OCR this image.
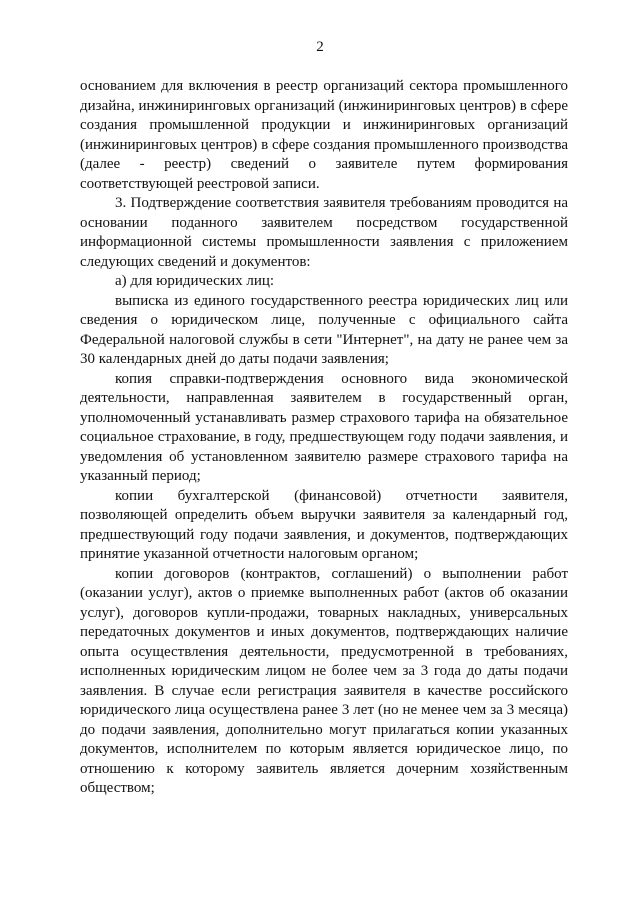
2

основанием для включения в реестр организаций сектора промышленного дизайна, инжиниринговых организаций (инжиниринговых центров) в сфере создания промышленной продукции и инжиниринговых организаций (инжиниринговых центров) в сфере создания промышленного производства (далее - реестр) сведений о заявителе путем формирования соответствующей реестровой записи.

3. Подтверждение соответствия заявителя требованиям проводится на основании поданного заявителем посредством государственной информационной системы промышленности заявления с приложением следующих сведений и документов:

а) для юридических лиц:

выписка из единого государственного реестра юридических лиц или сведения о юридическом лице, полученные с официального сайта Федеральной налоговой службы в сети "Интернет", на дату не ранее чем за 30 календарных дней до даты подачи заявления;

копия справки-подтверждения основного вида экономической деятельности, направленная заявителем в государственный орган, уполномоченный устанавливать размер страхового тарифа на обязательное социальное страхование, в году, предшествующем году подачи заявления, и уведомления об установленном заявителю размере страхового тарифа на указанный период;

копии бухгалтерской (финансовой) отчетности заявителя, позволяющей определить объем выручки заявителя за календарный год, предшествующий году подачи заявления, и документов, подтверждающих принятие указанной отчетности налоговым органом;

копии договоров (контрактов, соглашений) о выполнении работ (оказании услуг), актов о приемке выполненных работ (актов об оказании услуг), договоров купли-продажи, товарных накладных, универсальных передаточных документов и иных документов, подтверждающих наличие опыта осуществления деятельности, предусмотренной в требованиях, исполненных юридическим лицом не более чем за 3 года до даты подачи заявления. В случае если регистрация заявителя в качестве российского юридического лица осуществлена ранее 3 лет (но не менее чем за 3 месяца) до подачи заявления, дополнительно могут прилагаться копии указанных документов, исполнителем по которым является юридическое лицо, по отношению к которому заявитель является дочерним хозяйственным обществом;
